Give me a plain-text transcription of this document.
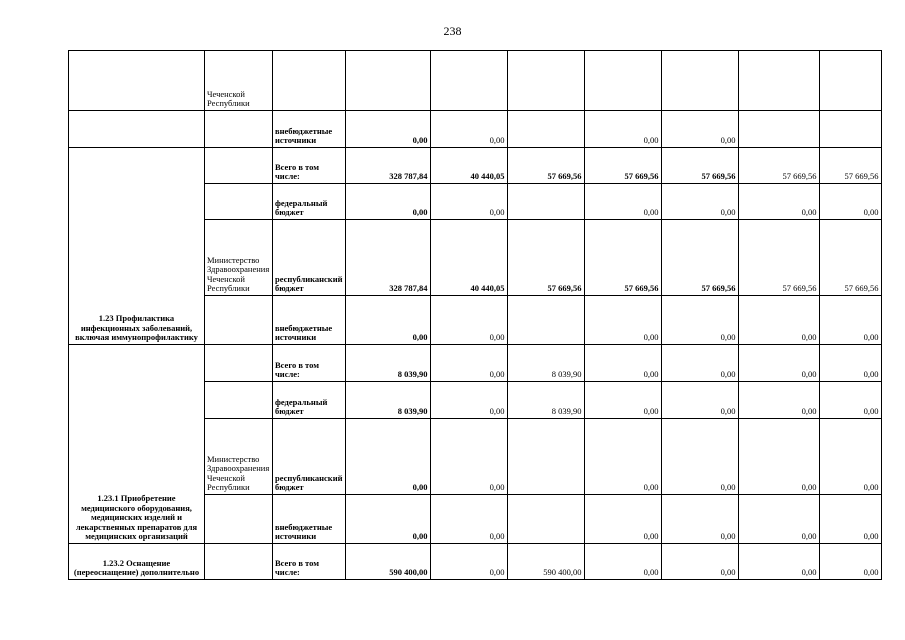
238
	Чеченской Республики								
		внебюджетные источники	0,00	0,00		0,00	0,00		
1.23 Профилактика инфекционных заболеваний, включая иммунопрофилактику		Всего в том числе:	328 787,84	40 440,05	57 669,56	57 669,56	57 669,56	57 669,56	57 669,56
		федеральный бюджет	0,00	0,00		0,00	0,00	0,00	0,00
	Министерство Здравоохранения Чеченской Республики	республиканский бюджет	328 787,84	40 440,05	57 669,56	57 669,56	57 669,56	57 669,56	57 669,56
		внебюджетные источники	0,00	0,00		0,00	0,00	0,00	0,00
1.23.1 Приобретение медицинского оборудования, медицинских изделий и лекарственных препаратов для медицинских организаций		Всего в том числе:	8 039,90	0,00	8 039,90	0,00	0,00	0,00	0,00
		федеральный бюджет	8 039,90	0,00	8 039,90	0,00	0,00	0,00	0,00
	Министерство Здравоохранения Чеченской Республики	республиканский бюджет	0,00	0,00		0,00	0,00	0,00	0,00
		внебюджетные источники	0,00	0,00		0,00	0,00	0,00	0,00
1.23.2 Оснащение (переоснащение) дополнительно		Всего в том числе:	590 400,00	0,00	590 400,00	0,00	0,00	0,00	0,00
